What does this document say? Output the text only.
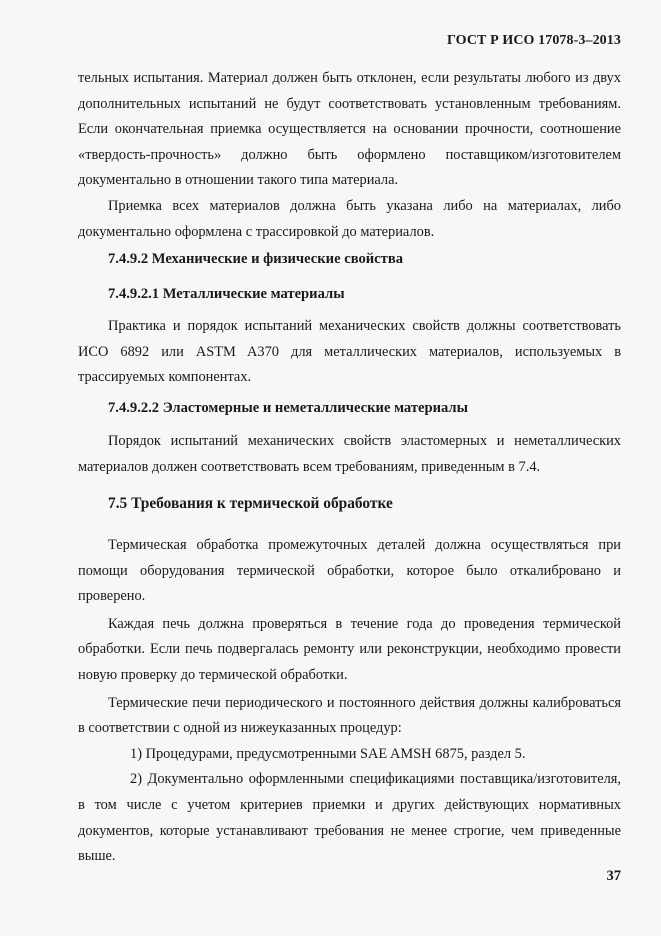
ГОСТ Р ИСО 17078-3–2013

тельных испытания. Материал должен быть отклонен, если результаты любого из двух дополнительных испытаний не будут соответствовать установленным требованиям. Если окончательная приемка осуществляется на основании прочности, соотношение «твердость-прочность» должно быть оформлено поставщиком/изготовителем документально в отношении такого типа материала.

Приемка всех материалов должна быть указана либо на материалах, либо документально оформлена с трассировкой до материалов.

7.4.9.2 Механические и физические свойства
7.4.9.2.1 Металлические материалы

Практика и порядок испытаний механических свойств должны соответствовать ИСО 6892 или ASTM A370 для металлических материалов, используемых в трассируемых компонентах.

7.4.9.2.2 Эластомерные и неметаллические материалы

Порядок испытаний механических свойств эластомерных и неметаллических материалов должен соответствовать всем требованиям, приведенным в 7.4.

7.5 Требования к термической обработке

Термическая обработка промежуточных деталей должна осуществляться при помощи оборудования термической обработки, которое было откалибровано и проверено.

Каждая печь должна проверяться в течение года до проведения термической обработки. Если печь подвергалась ремонту или реконструкции, необходимо провести новую проверку до термической обработки.

Термические печи периодического и постоянного действия должны калиброваться в соответствии с одной из нижеуказанных процедур:

1) Процедурами, предусмотренными SAE AMSH 6875, раздел 5.

2) Документально оформленными спецификациями поставщика/изготовителя, в том числе с учетом критериев приемки и других действующих нормативных документов, которые устанавливают требования не менее строгие, чем приведенные выше.

37
